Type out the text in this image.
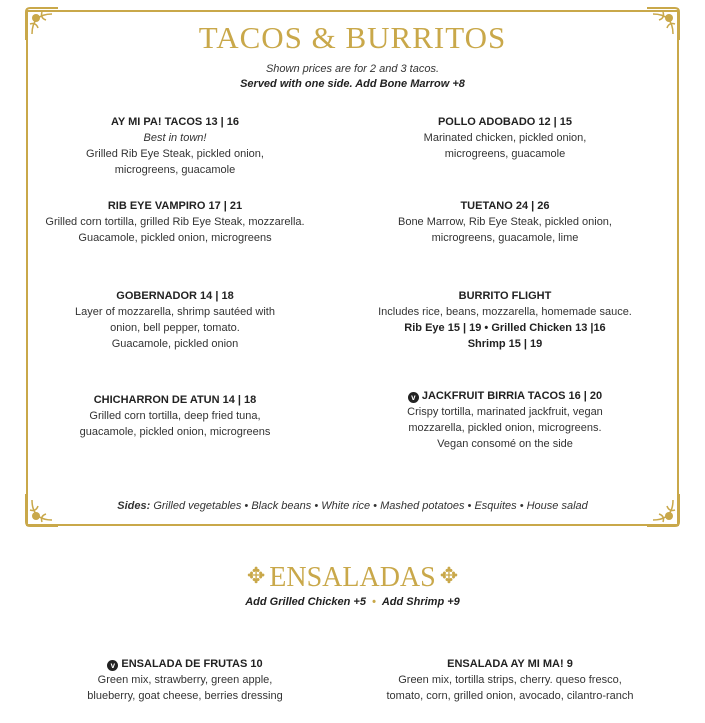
TACOS & BURRITOS
Shown prices are for 2 and 3 tacos.
Served with one side. Add Bone Marrow +8
AY MI PA! TACOS 13 | 16
Best in town!
Grilled Rib Eye Steak, pickled onion,
microgreens, guacamole
POLLO ADOBADO 12 | 15
Marinated chicken, pickled onion,
microgreens, guacamole
RIB EYE VAMPIRO 17 | 21
Grilled corn tortilla, grilled Rib Eye Steak, mozzarella.
Guacamole, pickled onion, microgreens
TUETANO 24 | 26
Bone Marrow, Rib Eye Steak, pickled onion,
microgreens, guacamole, lime
GOBERNADOR 14 | 18
Layer of mozzarella, shrimp sautéed with
onion, bell pepper, tomato.
Guacamole, pickled onion
BURRITO FLIGHT
Includes rice, beans, mozzarella, homemade sauce.
Rib Eye 15 | 19 • Grilled Chicken 13 |16
Shrimp 15 | 19
CHICHARRON DE ATUN 14 | 18
Grilled corn tortilla, deep fried tuna,
guacamole, pickled onion, microgreens
v JACKFRUIT BIRRIA TACOS 16 | 20
Crispy tortilla, marinated jackfruit, vegan
mozzarella, pickled onion, microgreens.
Vegan consomé on the side
Sides: Grilled vegetables • Black beans • White rice • Mashed potatoes • Esquites • House salad
✥ ENSALADAS ✥
Add Grilled Chicken +5 • Add Shrimp +9
v ENSALADA DE FRUTAS 10
Green mix, strawberry, green apple,
blueberry, goat cheese, berries dressing
ENSALADA AY MI MA! 9
Green mix, tortilla strips, cherry. queso fresco,
tomato, corn, grilled onion, avocado, cilantro-ranch
